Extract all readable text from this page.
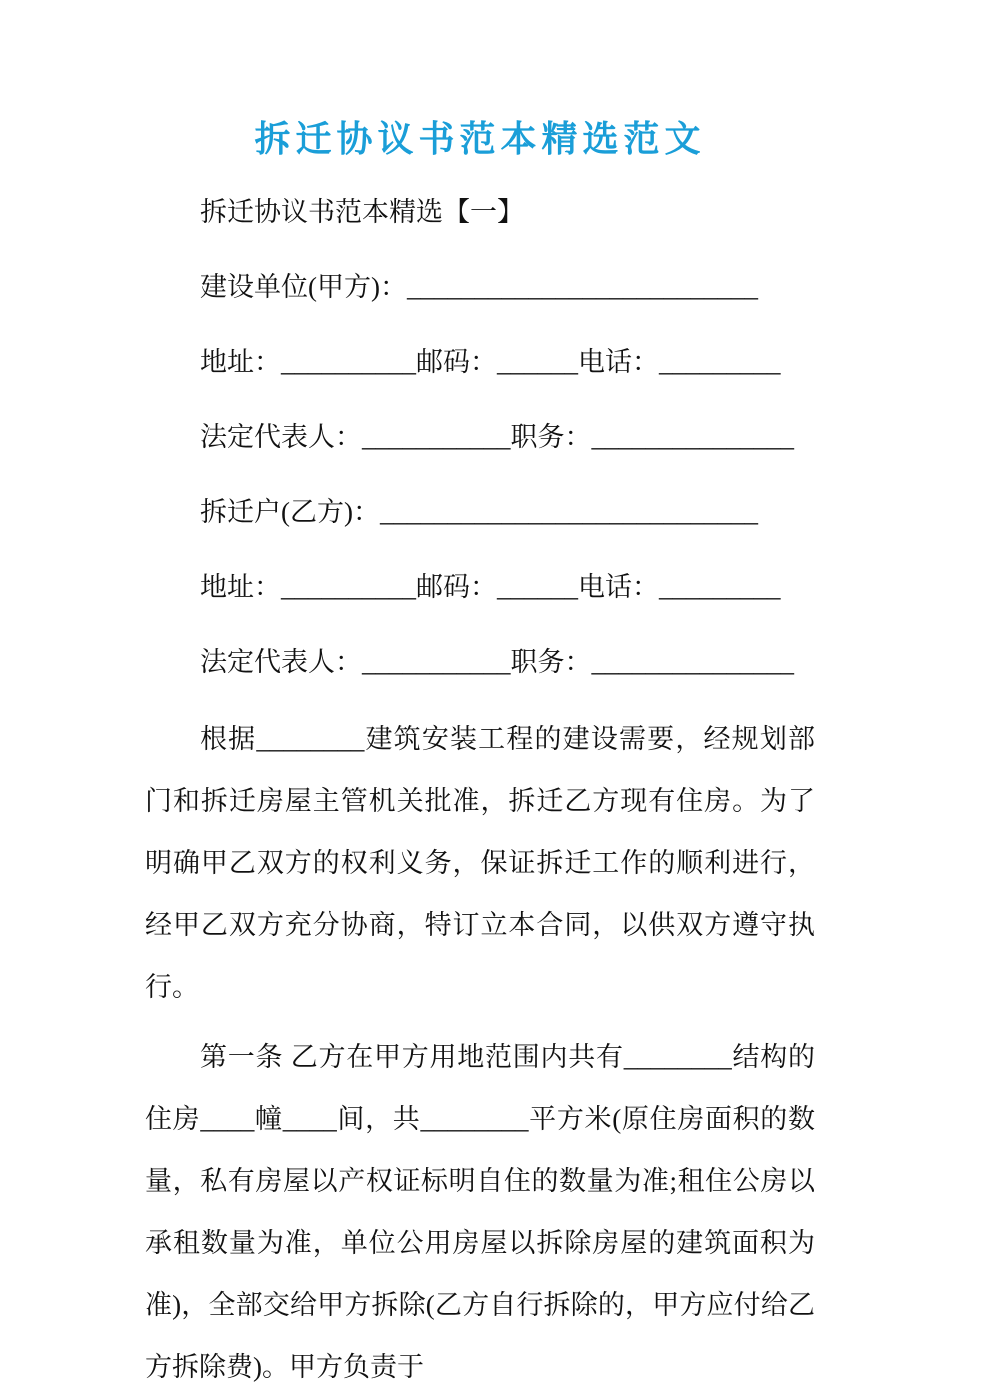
拆迁协议书范本精选范文

拆迁协议书范本精选【一】

建设单位(甲方)：__________________________

地址：__________邮码：______电话：_________

法定代表人：___________职务：_______________

拆迁户(乙方)：____________________________

地址：__________邮码：______电话：_________

法定代表人：___________职务：_______________

根据________建筑安装工程的建设需要，经规划部门和拆迁房屋主管机关批准，拆迁乙方现有住房。为了明确甲乙双方的权利义务，保证拆迁工作的顺利进行，经甲乙双方充分协商，特订立本合同，以供双方遵守执行。

第一条 乙方在甲方用地范围内共有________结构的住房____幢____间，共________平方米(原住房面积的数量，私有房屋以产权证标明自住的数量为准;租住公房以承租数量为准，单位公用房屋以拆除房屋的建筑面积为准)，全部交给甲方拆除(乙方自行拆除的，甲方应付给乙方拆除费)。甲方负责于
